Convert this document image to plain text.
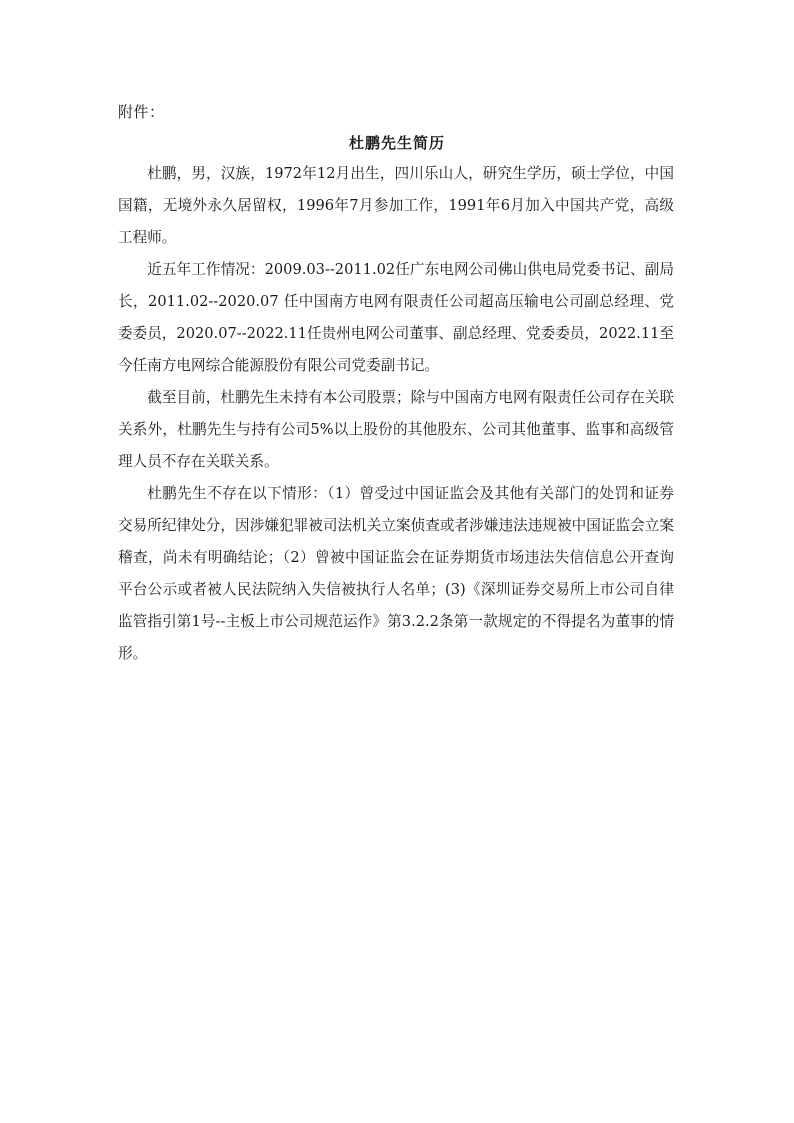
附件：
杜鹏先生简历

杜鹏，男，汉族，1972年12月出生，四川乐山人，研究生学历，硕士学位，中国国籍，无境外永久居留权，1996年7月参加工作，1991年6月加入中国共产党，高级工程师。

近五年工作情况：2009.03--2011.02任广东电网公司佛山供电局党委书记、副局长，2011.02--2020.07 任中国南方电网有限责任公司超高压输电公司副总经理、党委委员，2020.07--2022.11任贵州电网公司董事、副总经理、党委委员，2022.11至今任南方电网综合能源股份有限公司党委副书记。

截至目前，杜鹏先生未持有本公司股票；除与中国南方电网有限责任公司存在关联关系外，杜鹏先生与持有公司5%以上股份的其他股东、公司其他董事、监事和高级管理人员不存在关联关系。

杜鹏先生不存在以下情形：（1）曾受过中国证监会及其他有关部门的处罚和证券交易所纪律处分，因涉嫌犯罪被司法机关立案侦查或者涉嫌违法违规被中国证监会立案稽查，尚未有明确结论；（2）曾被中国证监会在证券期货市场违法失信信息公开查询平台公示或者被人民法院纳入失信被执行人名单；(3)《深圳证券交易所上市公司自律监管指引第1号--主板上市公司规范运作》第3.2.2条第一款规定的不得提名为董事的情形。
